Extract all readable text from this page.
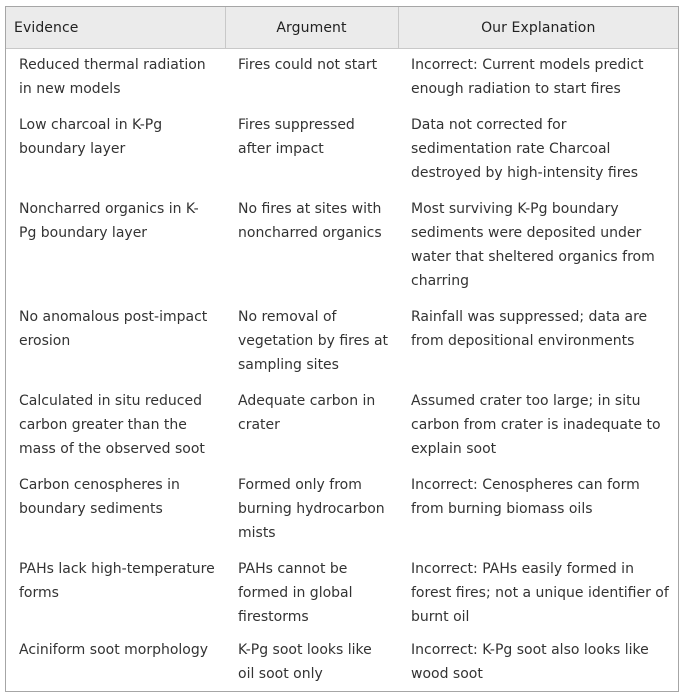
Evidence	Argument	Our Explanation
Reduced thermal radiation in new models	Fires could not start	Incorrect: Current models predict enough radiation to start fires
Low charcoal in K-Pg boundary layer	Fires suppressed after impact	Data not corrected for sedimentation rate Charcoal destroyed by high-intensity fires
Noncharred organics in K-Pg boundary layer	No fires at sites with noncharred organics	Most surviving K-Pg boundary sediments were deposited under water that sheltered organics from charring
No anomalous post-impact erosion	No removal of vegetation by fires at sampling sites	Rainfall was suppressed; data are from depositional environments
Calculated in situ reduced carbon greater than the mass of the observed soot	Adequate carbon in crater	Assumed crater too large; in situ carbon from crater is inadequate to explain soot
Carbon cenospheres in boundary sediments	Formed only from burning hydrocarbon mists	Incorrect: Cenospheres can form from burning biomass oils
PAHs lack high-temperature forms	PAHs cannot be formed in global firestorms	Incorrect: PAHs easily formed in forest fires; not a unique identifier of burnt oil
Aciniform soot morphology	K-Pg soot looks like oil soot only	Incorrect: K-Pg soot also looks like wood soot
